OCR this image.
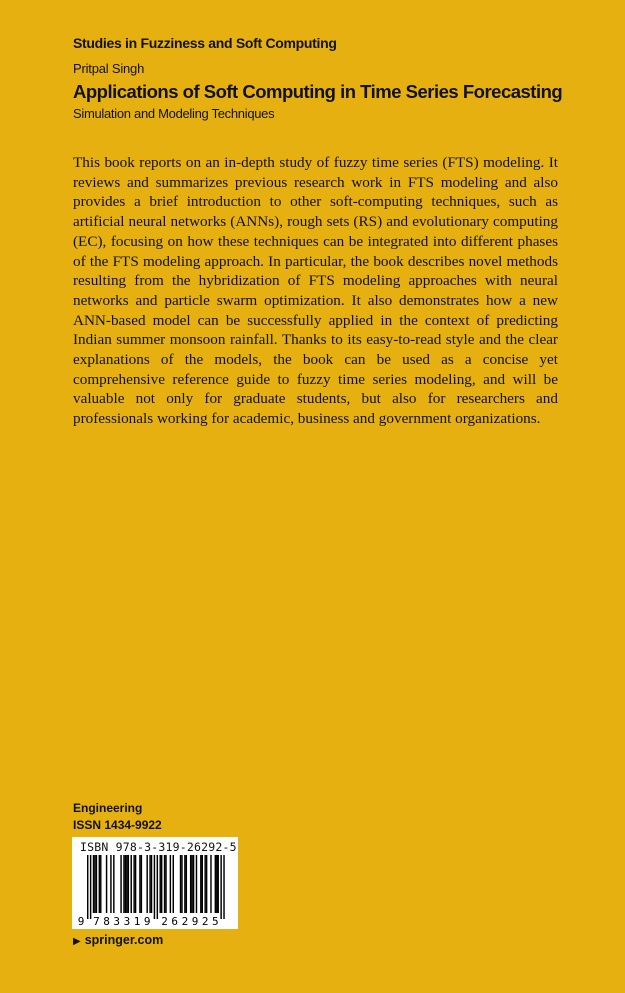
Studies in Fuzziness and Soft Computing
Pritpal Singh
Applications of Soft Computing in Time Series Forecasting
Simulation and Modeling Techniques

This book reports on an in-depth study of fuzzy time series (FTS) modeling. It reviews and summarizes previous research work in FTS modeling and also provides a brief introduction to other soft-computing techniques, such as artificial neural networks (ANNs), rough sets (RS) and evolutionary computing (EC), focusing on how these techniques can be integrated into different phases of the FTS modeling approach. In particular, the book describes novel methods resulting from the hybridization of FTS modeling approaches with neural networks and particle swarm optimization. It also demonstrates how a new ANN-based model can be successfully applied in the context of predicting Indian summer monsoon rainfall. Thanks to its easy-to-read style and the clear explanations of the models, the book can be used as a concise yet comprehensive reference guide to fuzzy time series modeling, and will be valuable not only for graduate students, but also for researchers and professionals working for academic, business and government organizations.

Engineering
ISSN 1434-9922
ISBN 978-3-319-26292-5
9 7 8 3 3 1 9 2 6 2 9 2 5
▶ springer.com
